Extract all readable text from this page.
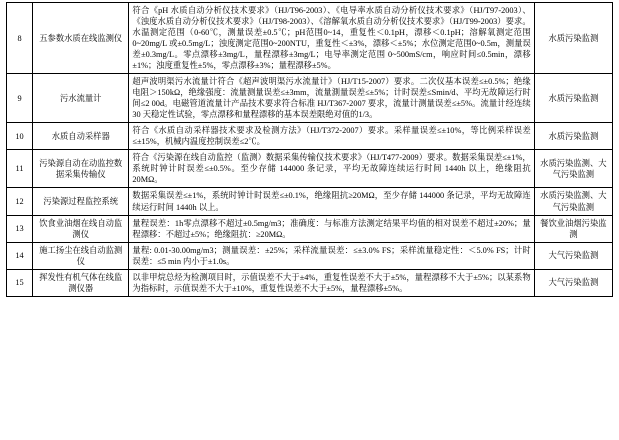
8	五参数水质在线监测仪	符合《pH 水质自动分析仪技术要求》（HJ/T96-2003）、《电导率水质自动分析仪技术要求》（HJ/T97-2003）、《浊度水质自动分析仪技术要求》（HJ/T98-2003）、《溶解氧水质自动分析仪技术要求》（HJ/T99-2003）要求。水温测定范围（0-60℃，测量误差±0.5℃；pH范围0~14，重复性＜0.1pH，漂移＜0.1pH；溶解氧测定范围0~20mg/L 或±0.5mg/L；浊度测定范围0~200NTU，重复性＜±3%，漂移＜±5%；水位测定范围0~0.5m，测量误差±0.3mg/L。零点漂移±3mg/L，量程漂移±3mg/L；电导率测定范围 0~500mS/cm，响应时间≤0.5min，漂移±1%；浊度重复性±5%，零点漂移±3%；量程漂移±5%。	水质污染监测
9	污水流量计	超声波明渠污水流量计符合《超声波明渠污水流量计》（HJ/T15-2007）要求。二次仪基本误差≤±0.5%；绝缘电阻＞150kΩ，绝缘强度：流量测量误差≤±3mm，流量測量误差≤±5%；计时误差≤Smin/d、平均无故障运行时间≤2 00d。电磁管道流量计产品技术要求符合标准 HJ/T367-2007 要求，流量计测量误差≤±5%。流量计经连续 30 天稳定性试验，零点漂移和量程漂移的基本误差限绝对值的1/3。	水质污染监测
10	水质自动采样器	符合《水质自动采样器技术要求及检测方法》（HJ/T372-2007）要求。采样量误差≤±10%，等比例采样误差≤±15%，机械内温度控制误差≤2℃。	水质污染监测
11	污染源自动在动监控数据采集传输仪	符合《污染源在线自动监控（监测）数据采集传输仪技术要求》（HJ/T477-2009）要求。数据采集误差≤±1%，系统时钟计时误差≤±0.5%。至少存储 144000 条记录，平均无故障连续运行时间 1440h 以上，绝缘阻抗 20MΩ。	水质污染监测、大气污染监测
12	污染源过程监控系统	数据采集误差≤±1%，系统时钟计时误差≤±0.1%，绝缘阻抗≥20MΩ，至少存储 144000 条记录，平均无故障连续运行时间 1440h 以上。	水质污染监测、大气污染监测
13	饮食业油烟在线自动监测仪	量程误差：1h零点漂移不超过±0.5mg/m3；准确度：与标准方法测定结果平均值的相对误差不超过±20%；量程漂移：不超过±5%；绝缘阻抗：≥20MΩ。	餐饮业油烟污染监测
14	施工扬尘在线自动监测仪	量程: 0.01-30.00mg/m3；测量误差：±25%；采样流量误差：≤±3.0% FS；采样流量稳定性：＜5.0% FS；计时误差：≤5 min 内小于±1.0s。	大气污染监测
15	挥发性有机气体在线监测仪器	以非甲烷总烃为检测项目时，示值误差不大于±4%，重复性误差不大于±5%，量程漂移不大于±5%；以某系物为指标时，示值误差不大于±10%，重复性误差不大于±5%，量程漂移±5%。	大气污染监测
